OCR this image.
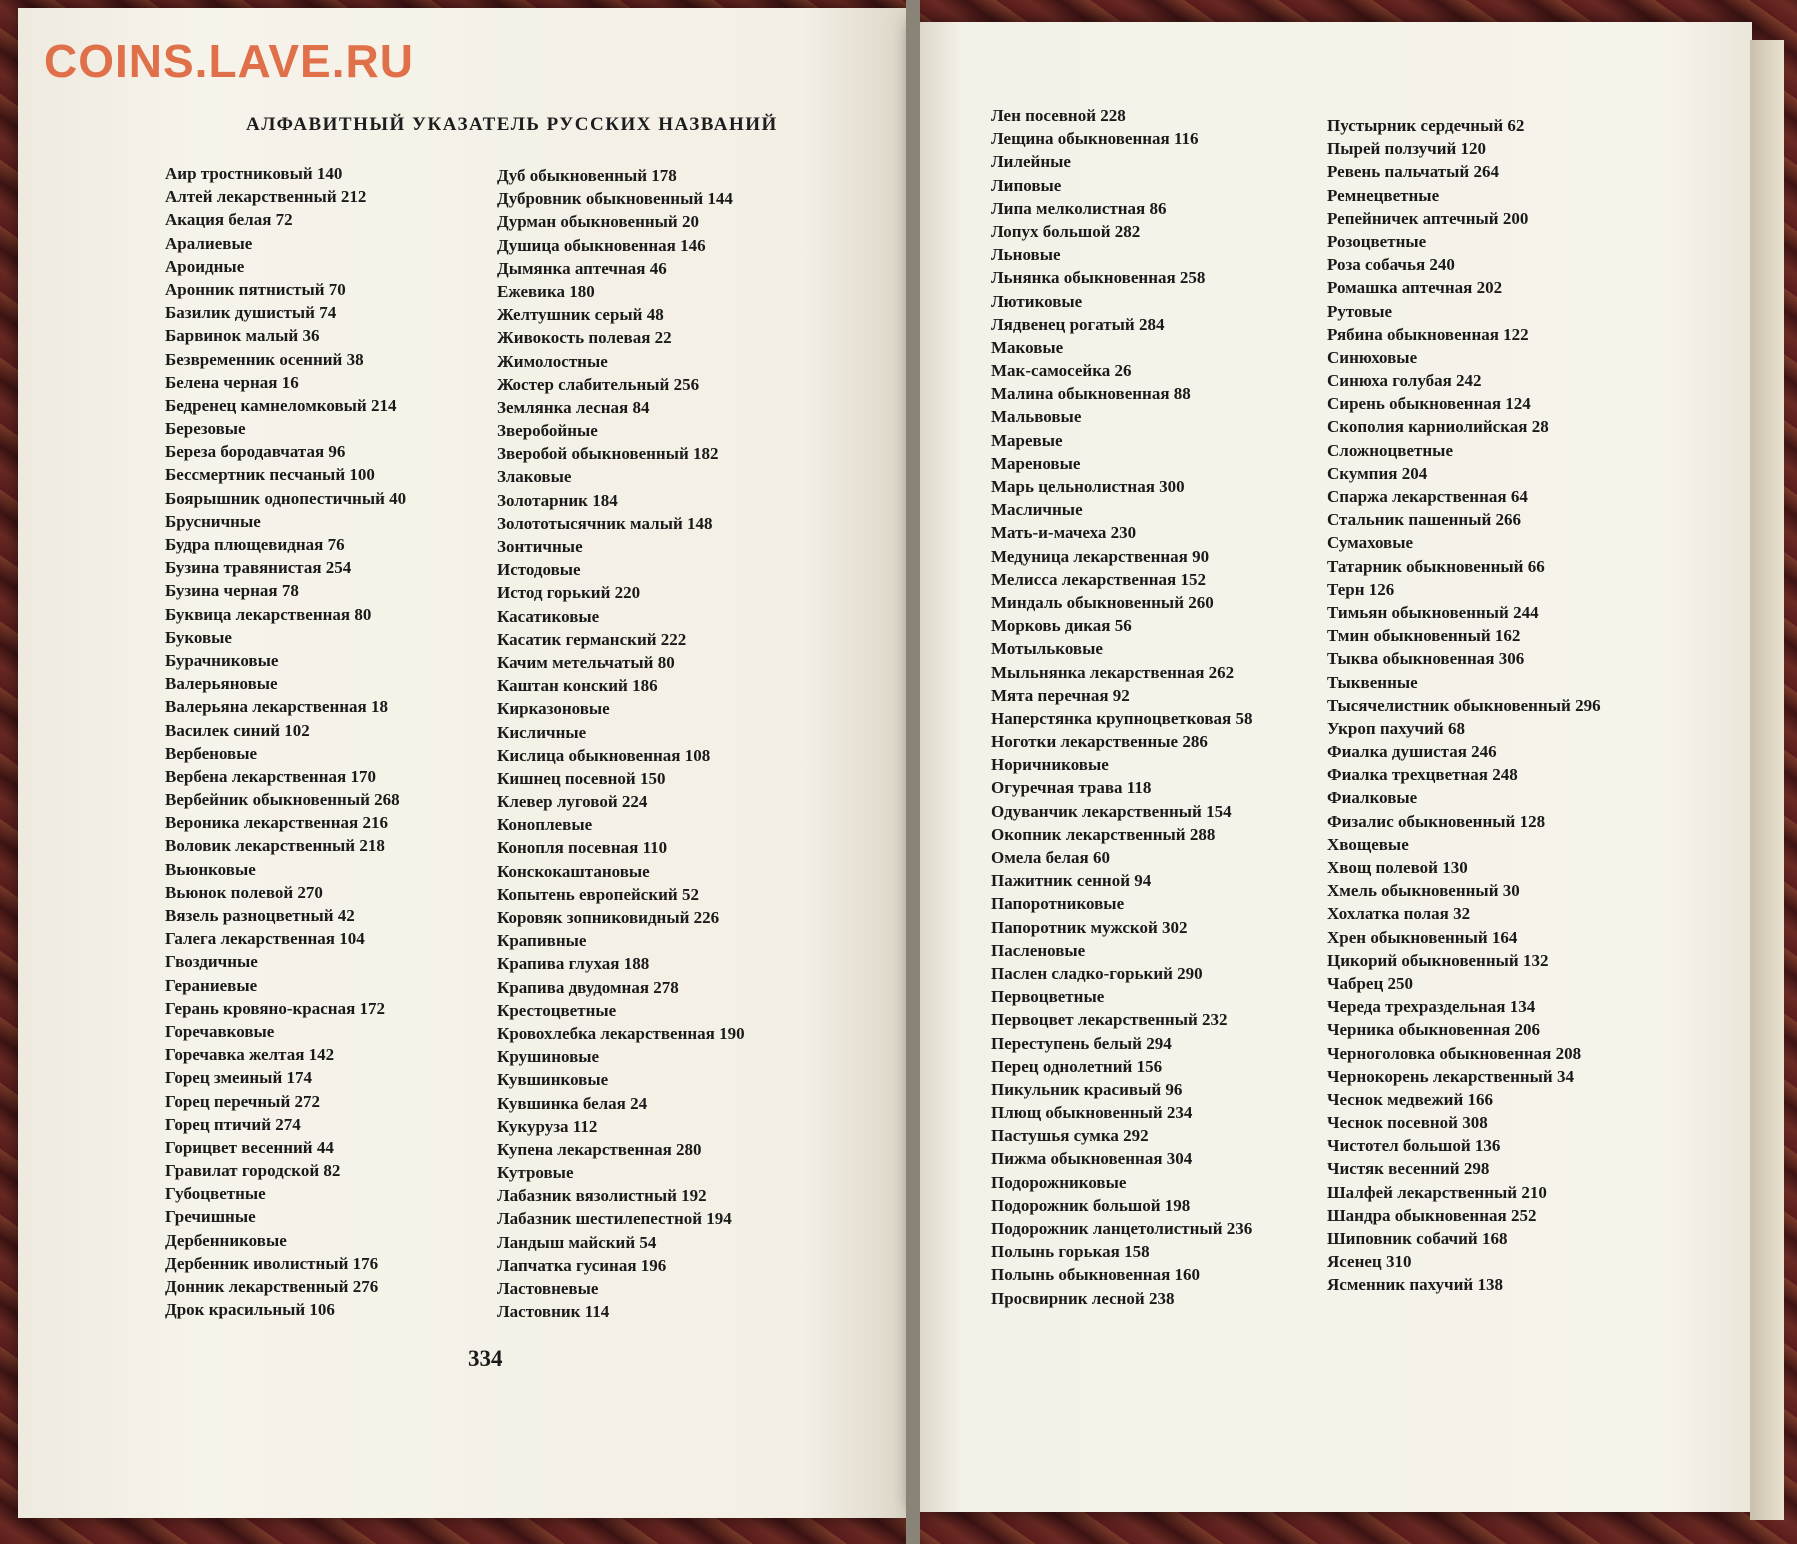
COINS.LAVE.RU
АЛФАВИТНЫЙ УКАЗАТЕЛЬ РУССКИХ НАЗВАНИЙ
Аир тростниковый 140
Алтей лекарственный 212
Акация белая 72
Аралиевые
Ароидные
Аронник пятнистый 70
Базилик душистый 74
Барвинок малый 36
Безвременник осенний 38
Белена черная 16
Бедренец камнеломковый 214
Березовые
Береза бородавчатая 96
Бессмертник песчаный 100
Боярышник однопестичный 40
Брусничные
Будра плющевидная 76
Бузина травянистая 254
Бузина черная 78
Буквица лекарственная 80
Буковые
Бурачниковые
Валерьяновые
Валерьяна лекарственная 18
Василек синий 102
Вербеновые
Вербена лекарственная 170
Вербейник обыкновенный 268
Вероника лекарственная 216
Воловик лекарственный 218
Вьюнковые
Вьюнок полевой 270
Вязель разноцветный 42
Галега лекарственная 104
Гвоздичные
Гераниевые
Герань кровяно-красная 172
Горечавковые
Горечавка желтая 142
Горец змеиный 174
Горец перечный 272
Горец птичий 274
Горицвет весенний 44
Гравилат городской 82
Губоцветные
Гречишные
Дербенниковые
Дербенник иволистный 176
Донник лекарственный 276
Дрок красильный 106
Дуб обыкновенный 178
Дубровник обыкновенный 144
Дурман обыкновенный 20
Душица обыкновенная 146
Дымянка аптечная 46
Ежевика 180
Желтушник серый 48
Живокость полевая 22
Жимолостные
Жостер слабительный 256
Землянка лесная 84
Зверобойные
Зверобой обыкновенный 182
Злаковые
Золотарник 184
Золототысячник малый 148
Зонтичные
Истодовые
Истод горький 220
Касатиковые
Касатик германский 222
Качим метельчатый 80
Каштан конский 186
Кирказоновые
Кисличные
Кислица обыкновенная 108
Кишнец посевной 150
Клевер луговой 224
Коноплевые
Конопля посевная 110
Конскокаштановые
Копытень европейский 52
Коровяк зопниковидный 226
Крапивные
Крапива глухая 188
Крапива двудомная 278
Крестоцветные
Кровохлебка лекарственная 190
Крушиновые
Кувшинковые
Кувшинка белая 24
Кукуруза 112
Купена лекарственная 280
Кутровые
Лабазник вязолистный 192
Лабазник шестилепестной 194
Ландыш майский 54
Лапчатка гусиная 196
Ластовневые
Ластовник 114
Лен посевной 228
Лещина обыкновенная 116
Лилейные
Липовые
Липа мелколистная 86
Лопух большой 282
Льновые
Льнянка обыкновенная 258
Лютиковые
Лядвенец рогатый 284
Маковые
Мак-самосейка 26
Малина обыкновенная 88
Мальвовые
Маревые
Мареновые
Марь цельнолистная 300
Масличные
Мать-и-мачеха 230
Медуница лекарственная 90
Мелисса лекарственная 152
Миндаль обыкновенный 260
Морковь дикая 56
Мотыльковые
Мыльнянка лекарственная 262
Мята перечная 92
Наперстянка крупноцветковая 58
Ноготки лекарственные 286
Норичниковые
Огуречная трава 118
Одуванчик лекарственный 154
Окопник лекарственный 288
Омела белая 60
Пажитник сенной 94
Папоротниковые
Папоротник мужской 302
Пасленовые
Паслен сладко-горький 290
Первоцветные
Первоцвет лекарственный 232
Переступень белый 294
Перец однолетний 156
Пикульник красивый 96
Плющ обыкновенный 234
Пастушья сумка 292
Пижма обыкновенная 304
Подорожниковые
Подорожник большой 198
Подорожник ланцетолистный 236
Полынь горькая 158
Полынь обыкновенная 160
Просвирник лесной 238
Пустырник сердечный 62
Пырей ползучий 120
Ревень пальчатый 264
Ремнецветные
Репейничек аптечный 200
Розоцветные
Роза собачья 240
Ромашка аптечная 202
Рутовые
Рябина обыкновенная 122
Синюховые
Синюха голубая 242
Сирень обыкновенная 124
Скополия карниолийская 28
Сложноцветные
Скумпия 204
Спаржа лекарственная 64
Стальник пашенный 266
Сумаховые
Татарник обыкновенный 66
Терн 126
Тимьян обыкновенный 244
Тмин обыкновенный 162
Тыква обыкновенная 306
Тыквенные
Тысячелистник обыкновенный 296
Укроп пахучий 68
Фиалка душистая 246
Фиалка трехцветная 248
Фиалковые
Физалис обыкновенный 128
Хвощевые
Хвощ полевой 130
Хмель обыкновенный 30
Хохлатка полая 32
Хрен обыкновенный 164
Цикорий обыкновенный 132
Чабрец 250
Череда трехраздельная 134
Черника обыкновенная 206
Черноголовка обыкновенная 208
Чернокорень лекарственный 34
Чеснок медвежий 166
Чеснок посевной 308
Чистотел большой 136
Чистяк весенний 298
Шалфей лекарственный 210
Шандра обыкновенная 252
Шиповник собачий 168
Ясенец 310
Ясменник пахучий 138
334
